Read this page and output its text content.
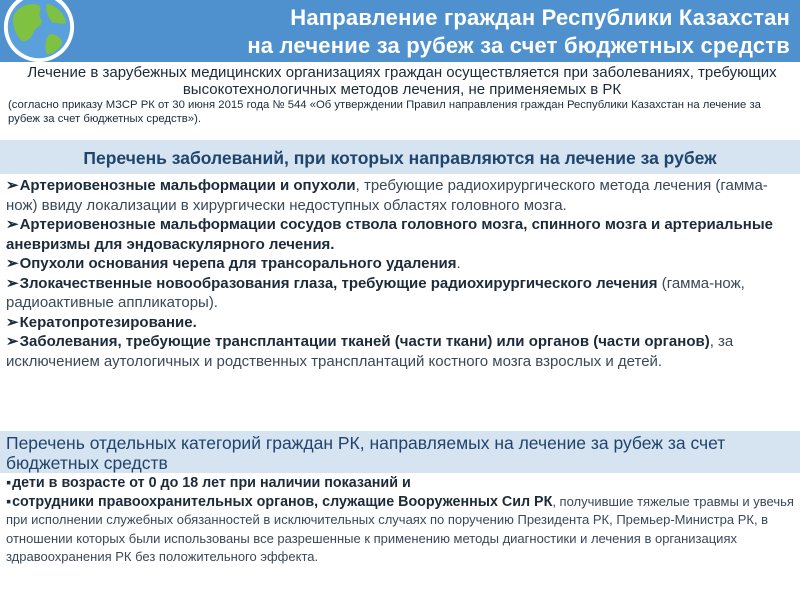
Направление граждан Республики Казахстан
на лечение за рубеж за счет бюджетных средств
Лечение в зарубежных медицинских организациях граждан осуществляется при заболеваниях, требующих высокотехнологичных методов лечения, не применяемых в РК
(согласно приказу МЗСР РК от 30 июня 2015 года № 544 «Об утверждении Правил направления граждан Республики Казахстан на лечение за рубеж за счет бюджетных средств»).
Перечень заболеваний, при которых направляются на лечение за рубеж
➢Артериовенозные мальформации и опухоли, требующие радиохирургического метода лечения (гамма-нож) ввиду локализации в хирургически недоступных областях головного мозга.
➢Артериовенозные мальформации сосудов ствола головного мозга, спинного мозга и артериальные аневризмы для эндоваскулярного лечения.
➢Опухоли основания черепа для трансорального удаления.
➢Злокачественные новообразования глаза, требующие радиохирургического лечения (гамма-нож, радиоактивные аппликаторы).
➢Кератопротезирование.
➢Заболевания, требующие трансплантации тканей (части ткани) или органов (части органов), за исключением аутологичных и родственных трансплантаций костного мозга взрослых и детей.
Перечень отдельных категорий граждан РК, направляемых на лечение за рубеж за счет бюджетных средств
▪дети в возрасте от 0 до 18 лет при наличии показаний и
▪сотрудники правоохранительных органов, служащие Вооруженных Сил РК, получившие тяжелые травмы и увечья при исполнении служебных обязанностей в исключительных случаях по поручению Президента РК, Премьер-Министра РК, в отношении которых были использованы все разрешенные к применению методы диагностики и лечения в организациях здравоохранения РК без положительного эффекта.
